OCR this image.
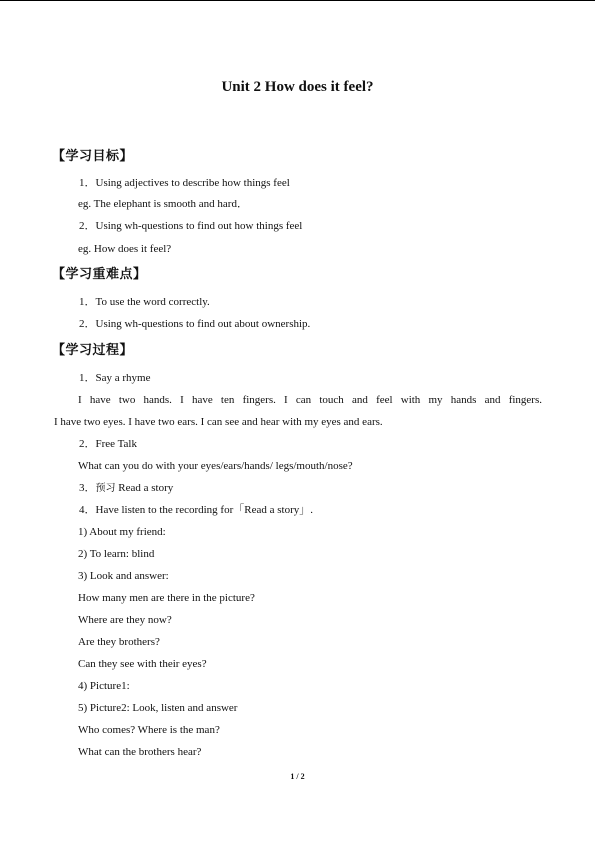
Unit 2 How does it feel?
【学习目标】
1．Using adjectives to describe how things feel
eg. The elephant is smooth and hard．
2．Using wh-questions to find out how things feel
eg. How does it feel?
【学习重难点】
1．To use the word correctly.
2．Using wh-questions to find out about ownership.
【学习过程】
1．Say a rhyme
I have two hands. I have ten fingers. I can touch and feel with my hands and fingers.
I have two eyes. I have two ears. I can see and hear with my eyes and ears.
2．Free Talk
What can you do with your eyes/ears/hands/ legs/mouth/nose?
3．预习 Read a story
4．Have listen to the recording for「Read a story」.
1) About my friend:
2) To learn: blind
3) Look and answer:
How many men are there in the picture?
Where are they now?
Are they brothers?
Can they see with their eyes?
4) Picture1:
5) Picture2: Look, listen and answer
Who comes? Where is the man?
What can the brothers hear?
1 / 2
